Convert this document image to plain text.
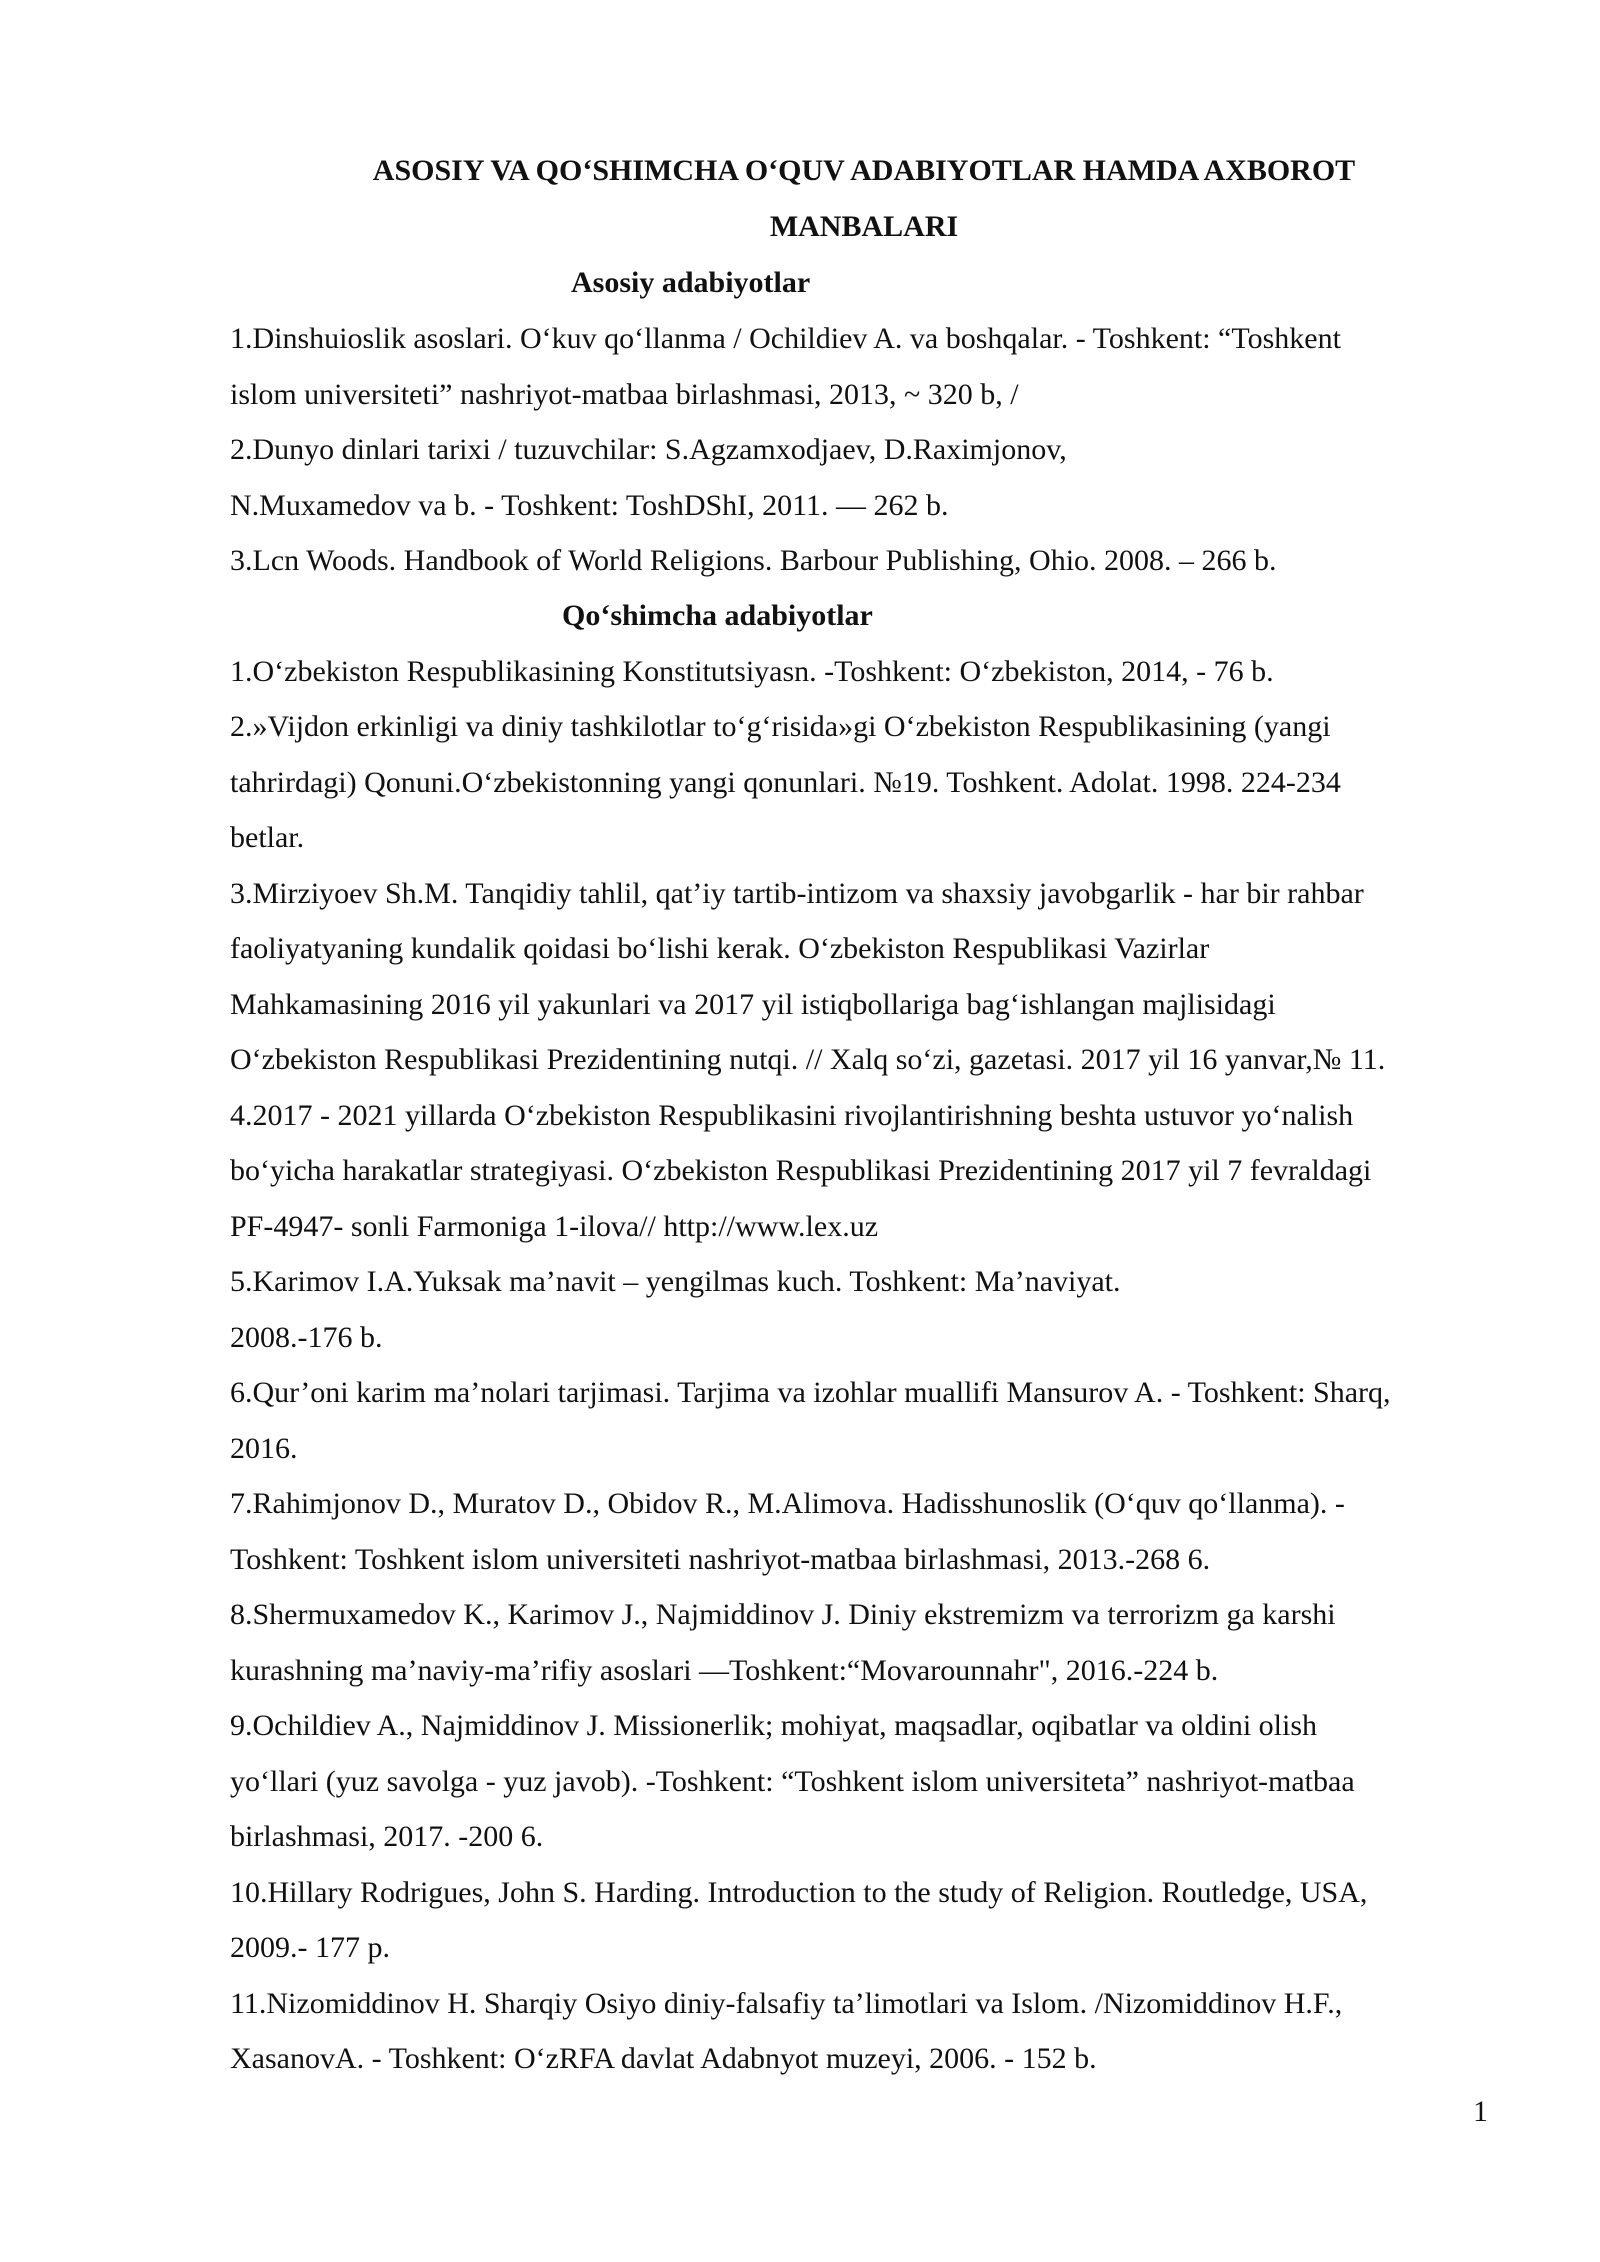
ASOSIY VA QO‘SHIMCHA O‘QUV ADABIYOTLAR HAMDA AXBOROT
MANBALARI
Asosiy adabiyotlar
1.Dinshuioslik asoslari. O‘kuv qo‘llanma / Ochildiev A. va boshqalar. - Toshkent: “Toshkent
islom universiteti” nashriyot-matbaa birlashmasi, 2013, ~ 320 b, /
2.Dunyo dinlari tarixi / tuzuvchilar: S.Agzamxodjaev, D.Raximjonov,
N.Muxamedov va b. - Toshkent: ToshDShI, 2011. — 262 b.
3.Lcn Woods. Handbook of World Religions. Barbour Publishing, Ohio. 2008. – 266 b.
Qo‘shimcha adabiyotlar
1.O‘zbekiston Respublikasining Konstitutsiyasn. -Toshkent: O‘zbekiston, 2014, - 76 b.
2.»Vijdon erkinligi va diniy tashkilotlar to‘g‘risida»gi O‘zbekiston Respublikasining (yangi
tahrirdagi) Qonuni.O‘zbekistonning yangi qonunlari. №19. Toshkent. Adolat. 1998. 224-234
betlar.
3.Mirziyoev Sh.M. Tanqidiy tahlil, qat’iy tartib-intizom va shaxsiy javobgarlik - har bir rahbar
faoliyatyaning kundalik qoidasi bo‘lishi kerak. O‘zbekiston Respublikasi Vazirlar
Mahkamasining 2016 yil yakunlari va 2017 yil istiqbollariga bag‘ishlangan majlisidagi
O‘zbekiston Respublikasi Prezidentining nutqi. // Xalq so‘zi, gazetasi. 2017 yil 16 yanvar,№ 11.
4.2017 - 2021 yillarda O‘zbekiston Respublikasini rivojlantirishning beshta ustuvor yo‘nalish
bo‘yicha harakatlar strategiyasi. O‘zbekiston Respublikasi Prezidentining 2017 yil 7 fevraldagi
PF-4947- sonli Farmoniga 1-ilova// http://www.lex.uz
5.Karimov I.A.Yuksak ma’navit – yengilmas kuch. Toshkent: Ma’naviyat.
2008.-176 b.
6.Qur’oni karim ma’nolari tarjimasi. Tarjima va izohlar muallifi Mansurov A. - Toshkent: Sharq,
2016.
7.Rahimjonov D., Muratov D., Obidov R., M.Alimova. Hadisshunoslik (O‘quv qo‘llanma). -
Toshkent: Toshkent islom universiteti nashriyot-matbaa birlashmasi, 2013.-268 6.
8.Shermuxamedov K., Karimov J., Najmiddinov J. Diniy ekstremizm va terrorizm ga karshi
kurashning ma’naviy-ma’rifiy asoslari —Toshkent:“Movarounnahr", 2016.-224 b.
9.Ochildiev A., Najmiddinov J. Missionerlik; mohiyat, maqsadlar, oqibatlar va oldini olish
yo‘llari (yuz savolga - yuz javob). -Toshkent: “Toshkent islom universiteta” nashriyot-matbaa
birlashmasi, 2017. -200 6.
10.Hillary Rodrigues, John S. Harding. Introduction to the study of Religion. Routledge, USA,
2009.- 177 p.
11.Nizomiddinov H. Sharqiy Osiyo diniy-falsafiy ta’limotlari va Islom. /Nizomiddinov H.F.,
XasanovA. - Toshkent: O‘zRFA davlat Adabnyot muzeyi, 2006. - 152 b.
1
